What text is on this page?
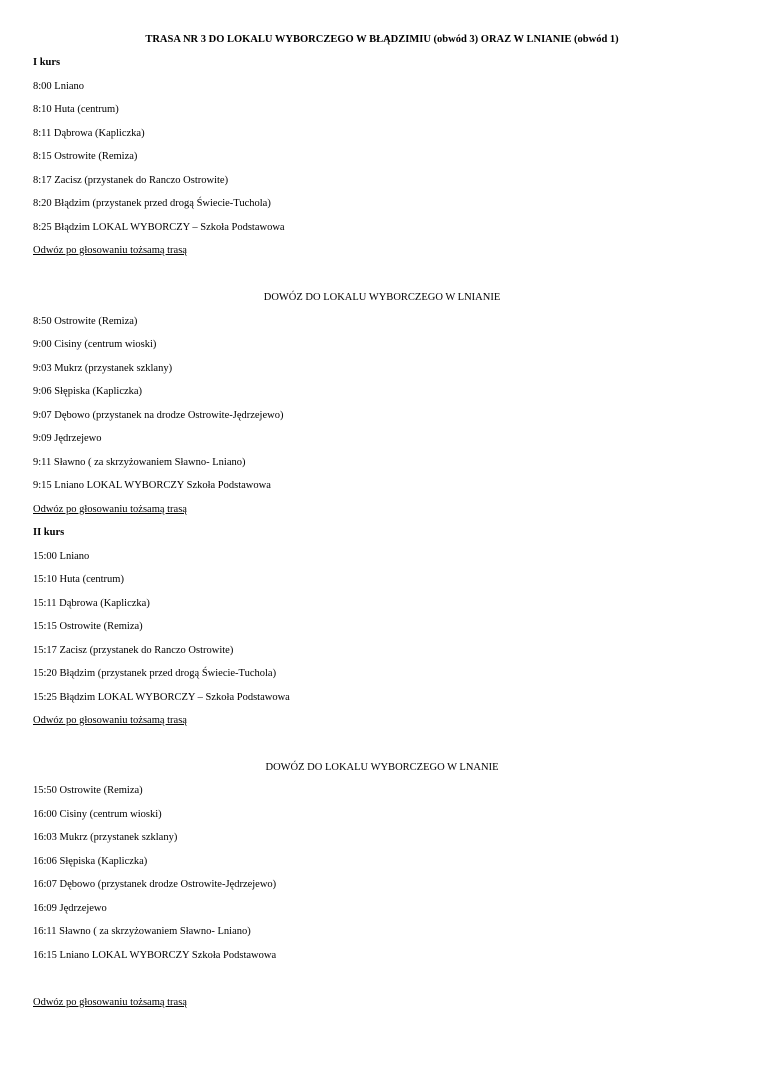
TRASA NR 3 DO LOKALU WYBORCZEGO W BŁĄDZIMIU (obwód 3) ORAZ W LNIANIE (obwód 1)
I kurs
8:00 Lniano
8:10 Huta (centrum)
8:11 Dąbrowa (Kapliczka)
8:15 Ostrowite (Remiza)
8:17 Zacisz (przystanek do Ranczo Ostrowite)
8:20 Błądzim (przystanek przed drogą Świecie-Tuchola)
8:25 Błądzim LOKAL WYBORCZY – Szkoła Podstawowa
Odwóz po głosowaniu tożsamą trasą
DOWÓZ DO LOKALU WYBORCZEGO W LNIANIE
8:50 Ostrowite (Remiza)
9:00 Cisiny (centrum wioski)
9:03 Mukrz (przystanek szklany)
9:06 Słępiska (Kapliczka)
9:07 Dębowo (przystanek na drodze Ostrowite-Jędrzejewo)
9:09 Jędrzejewo
9:11 Sławno ( za skrzyżowaniem Sławno- Lniano)
9:15 Lniano LOKAL WYBORCZY Szkoła Podstawowa
Odwóz po głosowaniu tożsamą trasą
II kurs
15:00 Lniano
15:10 Huta (centrum)
15:11 Dąbrowa (Kapliczka)
15:15 Ostrowite (Remiza)
15:17 Zacisz (przystanek do Ranczo Ostrowite)
15:20 Błądzim (przystanek przed drogą Świecie-Tuchola)
15:25 Błądzim LOKAL WYBORCZY – Szkoła Podstawowa
Odwóz po głosowaniu tożsamą trasą
DOWÓZ DO LOKALU WYBORCZEGO W LNANIE
15:50 Ostrowite (Remiza)
16:00 Cisiny (centrum wioski)
16:03 Mukrz (przystanek szklany)
16:06 Słępiska (Kapliczka)
16:07 Dębowo (przystanek drodze Ostrowite-Jędrzejewo)
16:09 Jędrzejewo
16:11 Sławno ( za skrzyżowaniem Sławno- Lniano)
16:15 Lniano LOKAL WYBORCZY Szkoła Podstawowa
Odwóz po głosowaniu tożsamą trasą
